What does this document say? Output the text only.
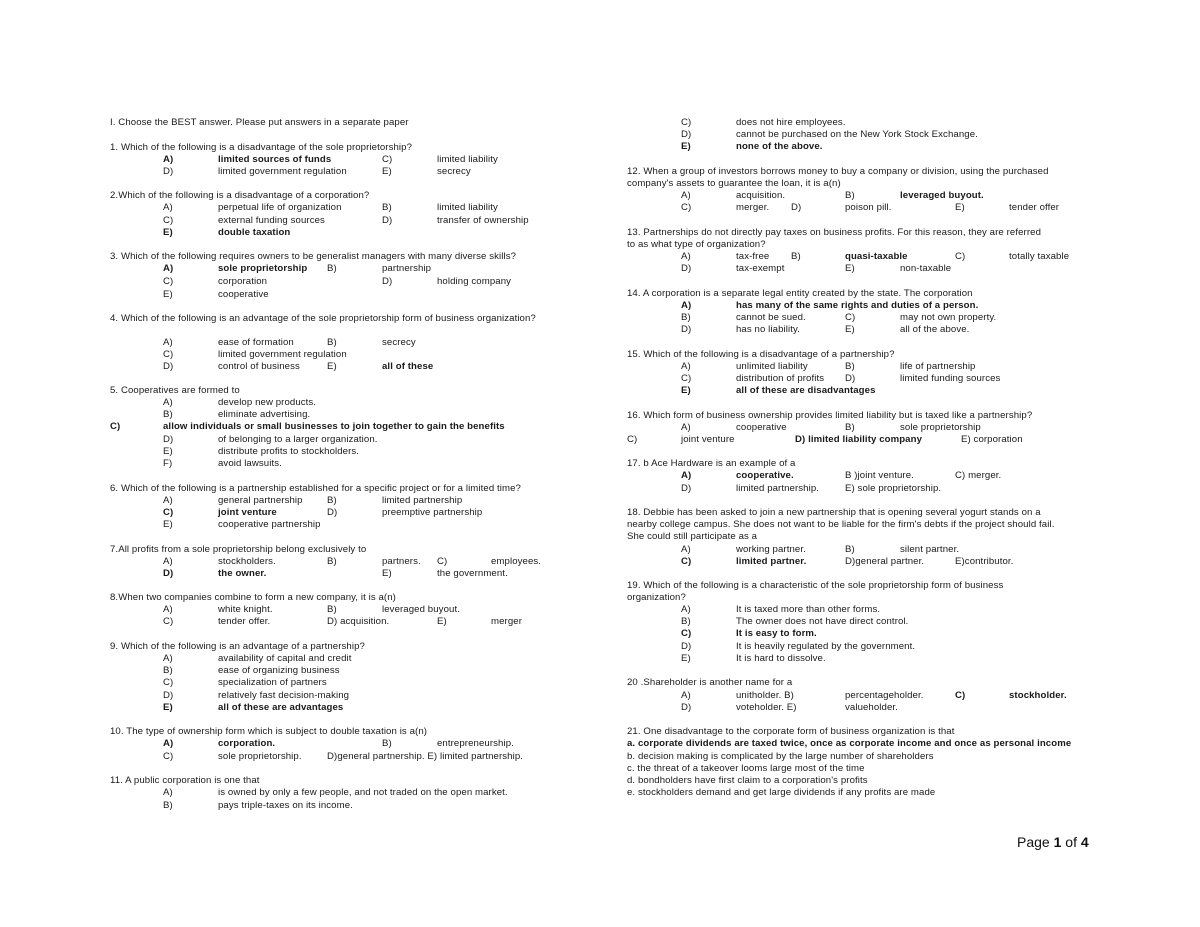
I. Choose the BEST answer. Please put answers in a separate paper
1. Which of the following is a disadvantage of the sole proprietorship?
A)	limited sources of funds	C)	limited liability
D)	limited government regulation	E)	secrecy
2.Which of the following is a disadvantage of a corporation?
A)	perpetual life of organization	B)	limited liability
C)	external funding sources	D)	transfer of ownership
E)	double taxation
3. Which of the following requires owners to be generalist managers with many diverse skills?
A)	sole proprietorship B)	partnership
C)	corporation	D)	holding company
E)	cooperative
4. Which of the following is an advantage of the sole proprietorship form of business organization?
A)	ease of formation	B)	secrecy
C)	limited government regulation
D)	control of business	E)	all of these
5. Cooperatives are formed to
A)	develop new products.
B)	eliminate advertising.
C)	allow individuals or small businesses to join together to gain the benefits
D)	of belonging to a larger organization.
E)	distribute profits to stockholders.
F)	avoid lawsuits.
6. Which of the following is a partnership established for a specific project or for a limited time?
A)	general partnership	B)	limited partnership
C)	joint venture	D)	preemptive partnership
E)	cooperative partnership
7.All profits from a sole proprietorship belong exclusively to
A)	stockholders.	B)	partners. C)	employees.
D)	the owner.	E)	the government.
8.When two companies combine to form a new company, it is a(n)
A)	white knight.	B)	leveraged buyout.
C)	tender offer.	D) acquisition.	E)	merger
9. Which of the following is an advantage of a partnership?
A)	availability of capital and credit
B)	ease of organizing business
C)	specialization of partners
D)	relatively fast decision-making
E)	all of these are advantages
10. The type of ownership form which is subject to double taxation is a(n)
A)	corporation.	B)	entrepreneurship.
C)	sole proprietorship.	D)general partnership. E) limited partnership.
11. A public corporation is one that
A)	is owned by only a few people, and not traded on the open market.
B)	pays triple-taxes on its income.
C)	does not hire employees.
D)	cannot be purchased on the New York Stock Exchange.
E)	none of the above.
12. When a group of investors borrows money to buy a company or division, using the purchased
company's assets to guarantee the loan, it is a(n)
A)	acquisition.	B)	leveraged buyout.
C)	merger. D)	poison pill.	E)	tender offer
13. Partnerships do not directly pay taxes on business profits. For this reason, they are referred
to as what type of organization?
A)	tax-free B)	quasi-taxable	C)	totally taxable
D)	tax-exempt	E)	non-taxable
14. A corporation is a separate legal entity created by the state. The corporation
A)	has many of the same rights and duties of a person.
B)	cannot be sued.	C)	may not own property.
D)	has no liability.	E)	all of the above.
15. Which of the following is a disadvantage of a partnership?
A)	unlimited liability	B)	life of partnership
C)	distribution of profits D)	limited funding sources
E)	all of these are disadvantages
16. Which form of business ownership provides limited liability but is taxed like a partnership?
A)	cooperative	B)	sole proprietorship
C)	joint venture	D) limited liability company	E) corporation
17. b Ace Hardware is an example of a
A)	cooperative.	B )joint venture.	C) merger.
D)	limited partnership.	E) sole proprietorship.
18. Debbie has been asked to join a new partnership that is opening several yogurt stands on a
nearby college campus. She does not want to be liable for the firm's debts if the project should fail.
She could still participate as a
A)	working partner.	B)	silent partner.
C)	limited partner.	D)general partner.	E)contributor.
19. Which of the following is a characteristic of the sole proprietorship form of business
organization?
A)	It is taxed more than other forms.
B)	The owner does not have direct control.
C)	It is easy to form.
D)	It is heavily regulated by the government.
E)	It is hard to dissolve.
20 .Shareholder is another name for a
A)	unitholder. B)	percentageholder.	C)	stockholder.
D)	voteholder. E)	valueholder.
21. One disadvantage to the corporate form of business organization is that
a. corporate dividends are taxed twice, once as corporate income and once as personal income
b. decision making is complicated by the large number of shareholders
c. the threat of a takeover looms large most of the time
d. bondholders have first claim to a corporation's profits
e. stockholders demand and get large dividends if any profits are made
Page 1 of 4
